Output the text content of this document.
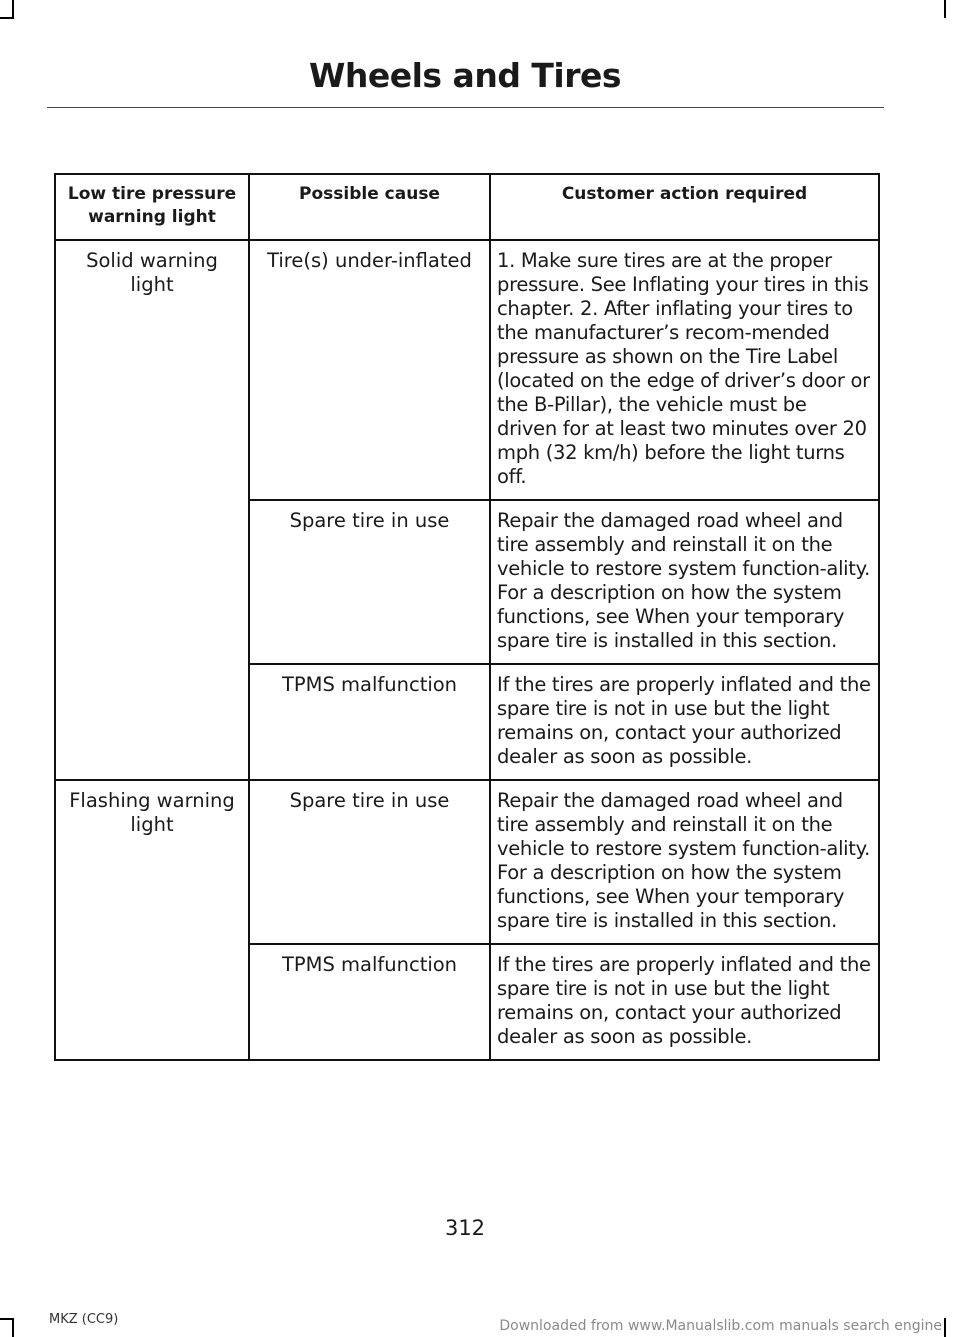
Wheels and Tires
Low tire pressure warning light	Possible cause	Customer action required
Solid warning light	Tire(s) under-inflated	1. Make sure tires are at the proper pressure. See Inflating your tires in this chapter. 2. After inflating your tires to the manufacturer’s recom-mended pressure as shown on the Tire Label (located on the edge of driver’s door or the B-Pillar), the vehicle must be driven for at least two minutes over 20 mph (32 km/h) before the light turns off.
	Spare tire in use	Repair the damaged road wheel and tire assembly and reinstall it on the vehicle to restore system function-ality. For a description on how the system functions, see When your temporary spare tire is installed in this section.
	TPMS malfunction	If the tires are properly inflated and the spare tire is not in use but the light remains on, contact your authorized dealer as soon as possible.
Flashing warning light	Spare tire in use	Repair the damaged road wheel and tire assembly and reinstall it on the vehicle to restore system function-ality. For a description on how the system functions, see When your temporary spare tire is installed in this section.
	TPMS malfunction	If the tires are properly inflated and the spare tire is not in use but the light remains on, contact your authorized dealer as soon as possible.
312
MKZ (CC9)	Downloaded from www.Manualslib.com manuals search engine
